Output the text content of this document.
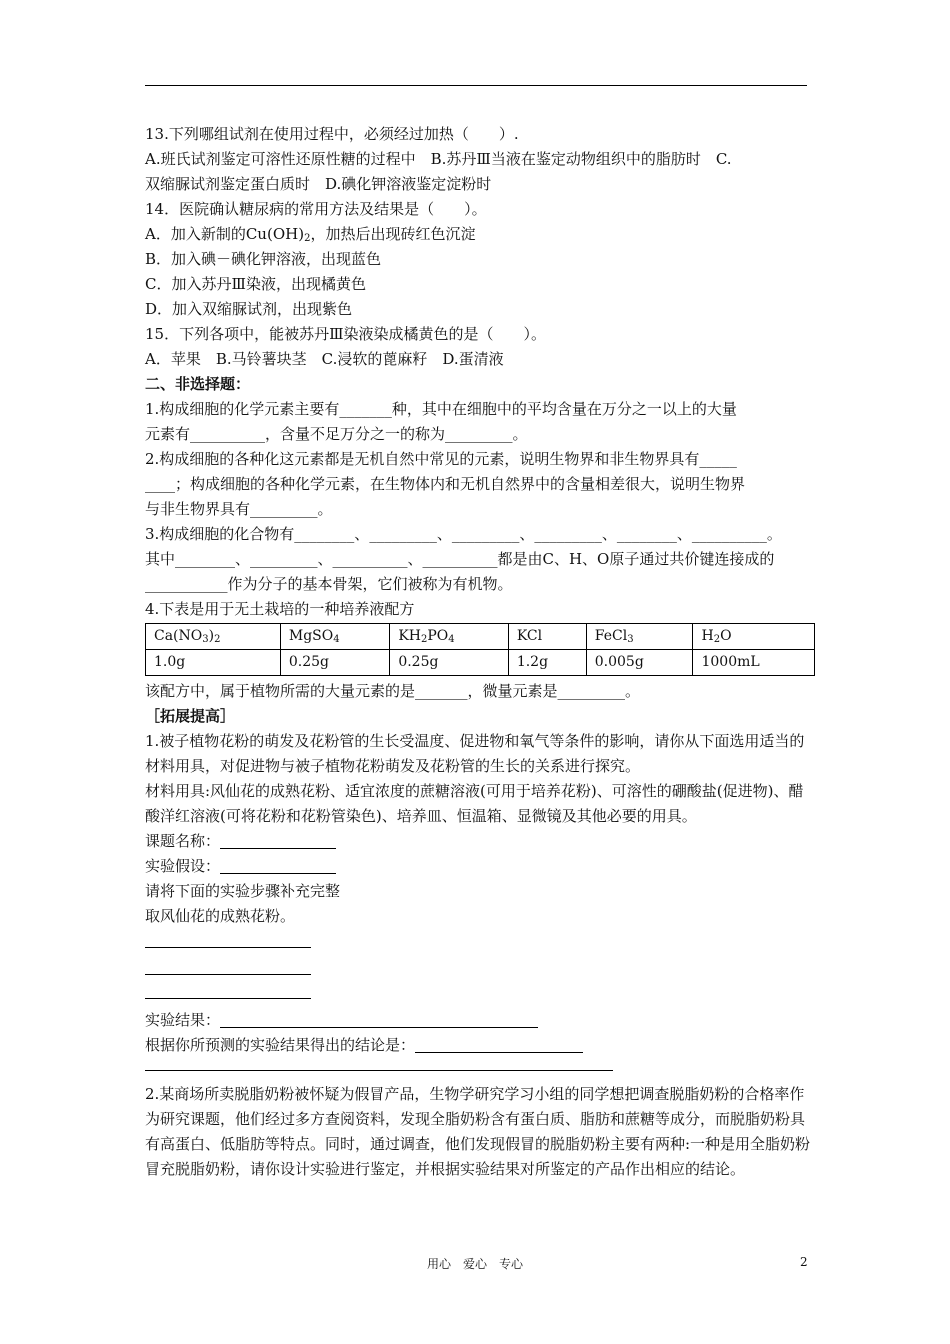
13.下列哪组试剂在使用过程中，必须经过加热（　　）.

A.班氏试剂鉴定可溶性还原性糖的过程中　B.苏丹Ⅲ当液在鉴定动物组织中的脂肪时　C.

双缩脲试剂鉴定蛋白质时　D.碘化钾溶液鉴定淀粉时

14．医院确认糖尿病的常用方法及结果是（　　）。

A．加入新制的$Cu(OH)_2$，加热后出现砖红色沉淀

B．加入碘－碘化钾溶液，出现蓝色

C．加入苏丹Ⅲ染液，出现橘黄色

D．加入双缩脲试剂，出现紫色

15．下列各项中，能被苏丹Ⅲ染液染成橘黄色的是（　　）。

A．苹果　B.马铃薯块茎　C.浸软的蓖麻籽　D.蛋清液

二、非选择题：

1.构成细胞的化学元素主要有_______种，其中在细胞中的平均含量在万分之一以上的大量

元素有__________，含量不足万分之一的称为_________。

2.构成细胞的各种化这元素都是无机自然中常见的元素，说明生物界和非生物界具有_____

____；构成细胞的各种化学元素，在生物体内和无机自然界中的含量相差很大，说明生物界

与非生物界具有_________。

3.构成细胞的化合物有________、_________、_________、_________、________、__________。

其中________、_________、__________、__________都是由C、H、O原子通过共价键连接成的

___________作为分子的基本骨架，它们被称为有机物。

4.下表是用于无土栽培的一种培养液配方

$Ca(NO_3)_2$	MgSO$_4$	$KH_2PO_4$	KCl	FeCl$_3$	$H_2O$
1.0g	0.25g	0.25g	1.2g	0.005g	1000mL

该配方中，属于植物所需的大量元素的是_______，微量元素是_________。

［拓展提高］

1.被子植物花粉的萌发及花粉管的生长受温度、促进物和氧气等条件的影响，请你从下面选用适当的材料用具，对促进物与被子植物花粉萌发及花粉管的生长的关系进行探究。

材料用具:风仙花的成熟花粉、适宜浓度的蔗糖溶液(可用于培养花粉)、可溶性的硼酸盐(促进物)、醋酸洋红溶液(可将花粉和花粉管染色)、培养皿、恒温箱、显微镜及其他必要的用具。

课题名称：

实验假设：

请将下面的实验步骤补充完整

取风仙花的成熟花粉。

实验结果：

根据你所预测的实验结果得出的结论是：

2.某商场所卖脱脂奶粉被怀疑为假冒产品，生物学研究学习小组的同学想把调查脱脂奶粉的合格率作为研究课题，他们经过多方查阅资料，发现全脂奶粉含有蛋白质、脂肪和蔗糖等成分，而脱脂奶粉具有高蛋白、低脂肪等特点。同时，通过调查，他们发现假冒的脱脂奶粉主要有两种:一种是用全脂奶粉冒充脱脂奶粉，请你设计实验进行鉴定，并根据实验结果对所鉴定的产品作出相应的结论。

用心　爱心　专心	2
